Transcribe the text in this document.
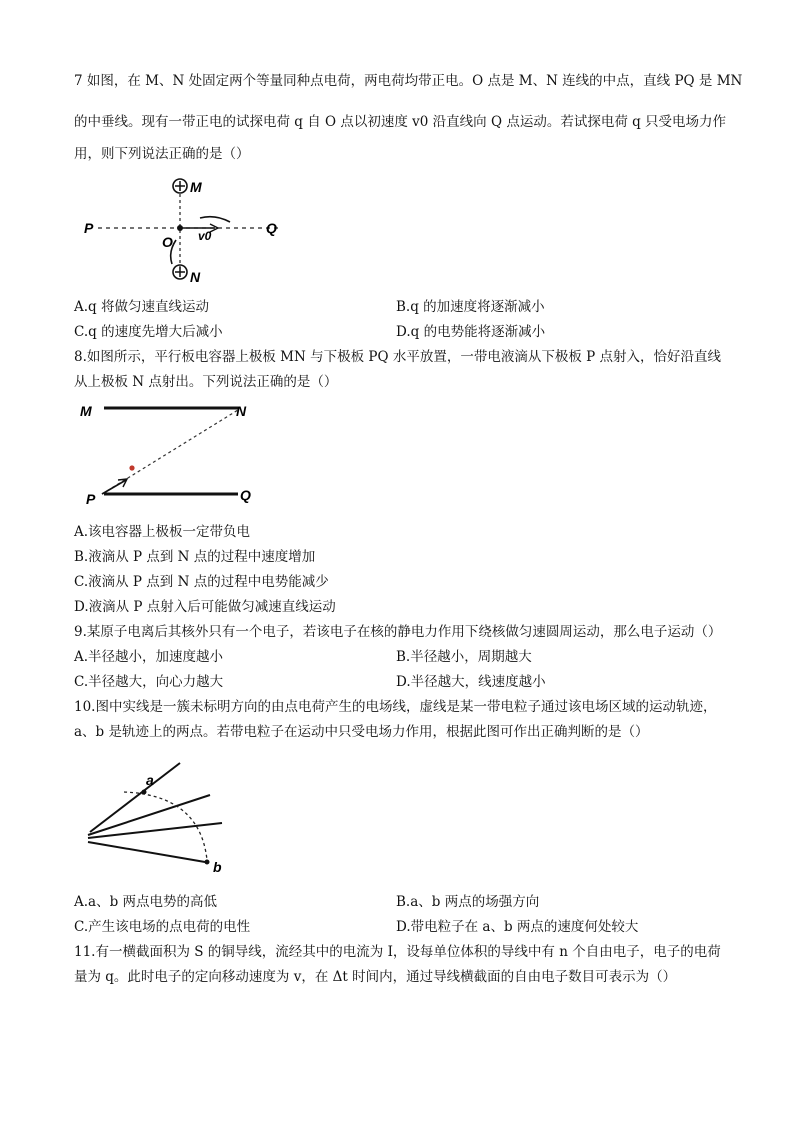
7 如图，在 M、N 处固定两个等量同种点电荷，两电荷均带正电。O 点是 M、N 连线的中点，直线 PQ 是 MN
的中垂线。现有一带正电的试探电荷 q 自 O 点以初速度 v0 沿直线向 Q 点运动。若试探电荷 q 只受电场力作
用，则下列说法正确的是（）
M
P
O v0	Q
N
A.q 将做匀速直线运动	B.q 的加速度将逐渐减小
C.q 的速度先增大后减小	D.q 的电势能将逐渐减小
8.如图所示，平行板电容器上极板 MN 与下极板 PQ 水平放置，一带电液滴从下极板 P 点射入，恰好沿直线
从上极板 N 点射出。下列说法正确的是（）
M	N
P	Q
A.该电容器上极板一定带负电
B.液滴从 P 点到 N 点的过程中速度增加
C.液滴从 P 点到 N 点的过程中电势能减少
D.液滴从 P 点射入后可能做匀减速直线运动
9.某原子电离后其核外只有一个电子，若该电子在核的静电力作用下绕核做匀速圆周运动，那么电子运动（）
A.半径越小，加速度越小	B.半径越小，周期越大
C.半径越大，向心力越大	D.半径越大，线速度越小
10.图中实线是一簇未标明方向的由点电荷产生的电场线，虚线是某一带电粒子通过该电场区域的运动轨迹，
a、b 是轨迹上的两点。若带电粒子在运动中只受电场力作用，根据此图可作出正确判断的是（）
a
b
A.a、b 两点电势的高低	B.a、b 两点的场强方向
C.产生该电场的点电荷的电性	D.带电粒子在 a、b 两点的速度何处较大
11.有一横截面积为 S 的铜导线，流经其中的电流为 I，设每单位体积的导线中有 n 个自由电子，电子的电荷
量为 q。此时电子的定向移动速度为 v，在 Δt 时间内，通过导线横截面的自由电子数目可表示为（）
